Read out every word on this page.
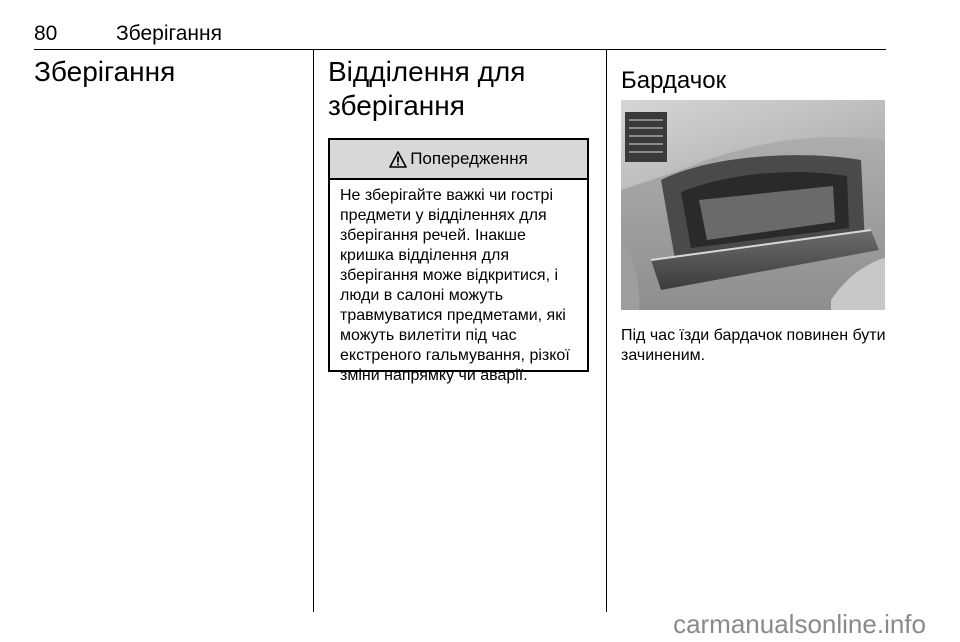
80	Зберігання
Зберігання	Відділення для зберігання
Попередження
Не зберігайте важкі чи гострі предмети у відділеннях для зберігання речей. Інакше кришка відділення для зберігання може відкритися, і люди в салоні можуть травмуватися предметами, які можуть вилетіти під час екстреного гальмування, різкої зміни напрямку чи аварії.
Бардачок
Під час їзди бардачок повинен бути зачиненим.
carmanualsonline.info
